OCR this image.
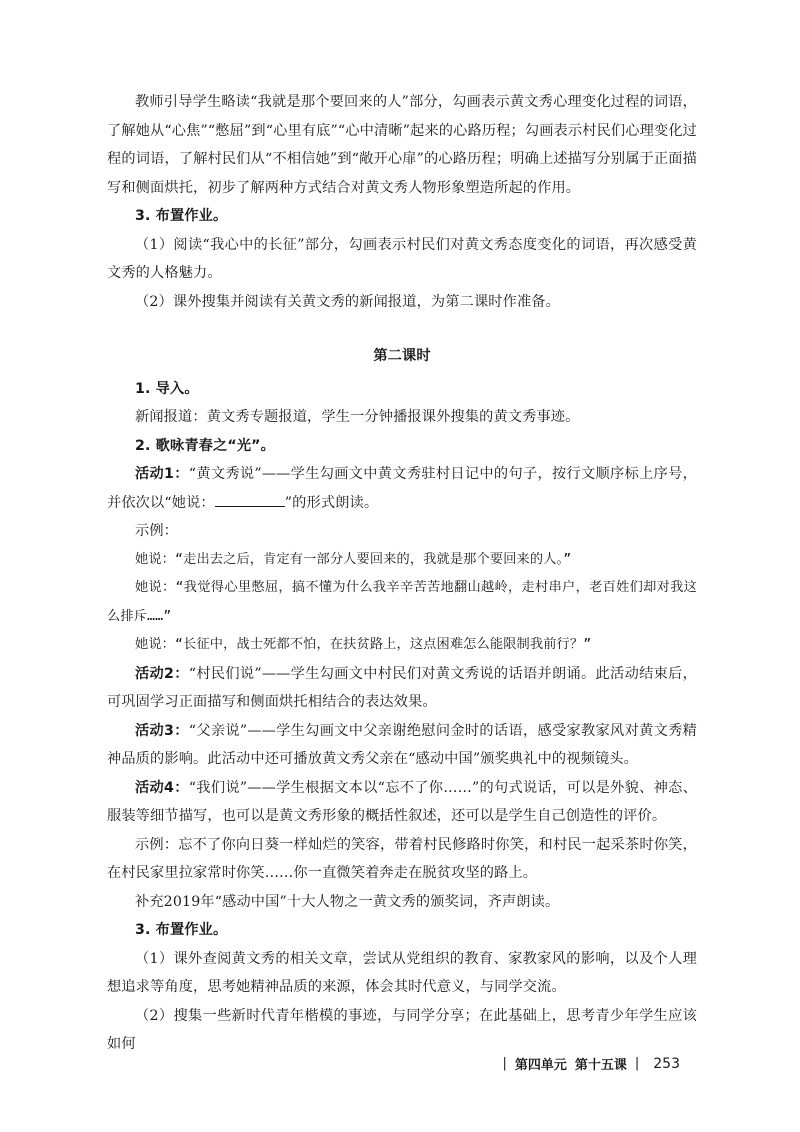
教师引导学生略读“我就是那个要回来的人”部分，勾画表示黄文秀心理变化过程的词语，了解她从“心焦”“憋屈”到“心里有底”“心中清晰”起来的心路历程；勾画表示村民们心理变化过程的词语，了解村民们从“不相信她”到“敞开心扉”的心路历程；明确上述描写分别属于正面描写和侧面烘托，初步了解两种方式结合对黄文秀人物形象塑造所起的作用。

3. 布置作业。

（1）阅读“我心中的长征”部分，勾画表示村民们对黄文秀态度变化的词语，再次感受黄文秀的人格魅力。

（2）课外搜集并阅读有关黄文秀的新闻报道，为第二课时作准备。

第二课时

1. 导入。

新闻报道：黄文秀专题报道，学生一分钟播报课外搜集的黄文秀事迹。

2. 歌咏青春之“光”。

活动1：“黄文秀说”——学生勾画文中黄文秀驻村日记中的句子，按行文顺序标上序号，并依次以“她说：	”的形式朗读。

示例：

她说：“走出去之后，肯定有一部分人要回来的，我就是那个要回来的人。”

她说：“我觉得心里憋屈，搞不懂为什么我辛辛苦苦地翻山越岭，走村串户，老百姓们却对我这么排斥……”

她说：“长征中，战士死都不怕，在扶贫路上，这点困难怎么能限制我前行？”

活动2：“村民们说”——学生勾画文中村民们对黄文秀说的话语并朗诵。此活动结束后，可巩固学习正面描写和侧面烘托相结合的表达效果。

活动3：“父亲说”——学生勾画文中父亲谢绝慰问金时的话语，感受家教家风对黄文秀精神品质的影响。此活动中还可播放黄文秀父亲在“感动中国”颁奖典礼中的视频镜头。

活动4：“我们说”——学生根据文本以“忘不了你……”的句式说话，可以是外貌、神态、服装等细节描写，也可以是黄文秀形象的概括性叙述，还可以是学生自己创造性的评价。

示例：忘不了你向日葵一样灿烂的笑容，带着村民修路时你笑，和村民一起采茶时你笑，在村民家里拉家常时你笑……你一直微笑着奔走在脱贫攻坚的路上。

补充2019年“感动中国”十大人物之一黄文秀的颁奖词，齐声朗读。

3. 布置作业。

（1）课外查阅黄文秀的相关文章，尝试从党组织的教育、家教家风的影响，以及个人理想追求等角度，思考她精神品质的来源，体会其时代意义，与同学交流。

（2）搜集一些新时代青年楷模的事迹，与同学分享；在此基础上，思考青少年学生应该如何

| 第四单元 第十五课 | 253
